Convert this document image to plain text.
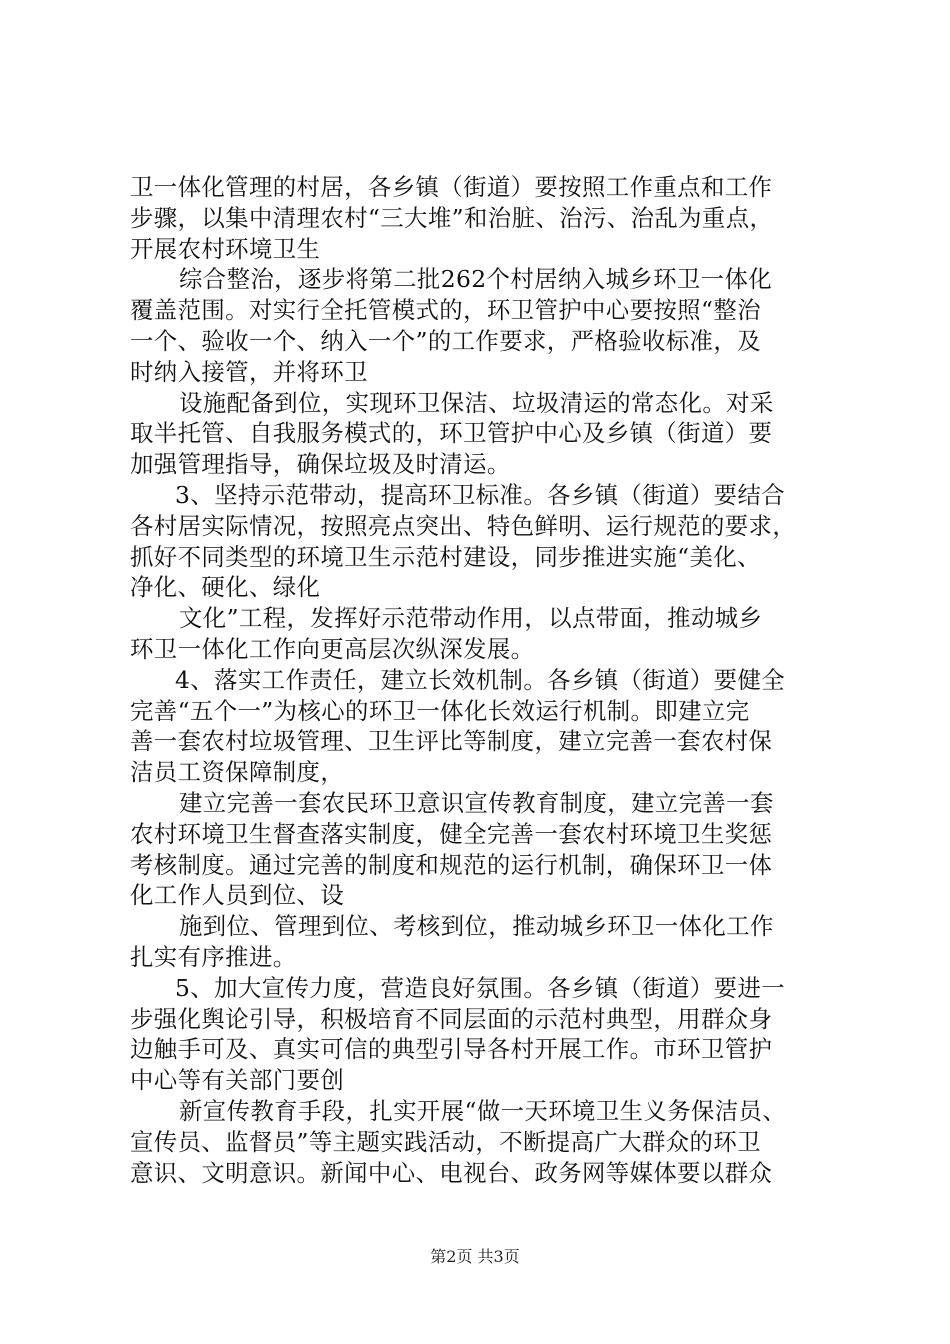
卫一体化管理的村居，各乡镇（街道）要按照工作重点和工作
步骤，以集中清理农村“三大堆”和治脏、治污、治乱为重点，
开展农村环境卫生
综合整治，逐步将第二批262个村居纳入城乡环卫一体化
覆盖范围。对实行全托管模式的，环卫管护中心要按照“整治
一个、验收一个、纳入一个”的工作要求，严格验收标准，及
时纳入接管，并将环卫
设施配备到位，实现环卫保洁、垃圾清运的常态化。对采
取半托管、自我服务模式的，环卫管护中心及乡镇（街道）要
加强管理指导，确保垃圾及时清运。
3、坚持示范带动，提高环卫标准。各乡镇（街道）要结合
各村居实际情况，按照亮点突出、特色鲜明、运行规范的要求，
抓好不同类型的环境卫生示范村建设，同步推进实施“美化、
净化、硬化、绿化
文化”工程，发挥好示范带动作用，以点带面，推动城乡
环卫一体化工作向更高层次纵深发展。
4、落实工作责任，建立长效机制。各乡镇（街道）要健全
完善“五个一”为核心的环卫一体化长效运行机制。即建立完
善一套农村垃圾管理、卫生评比等制度，建立完善一套农村保
洁员工资保障制度，
建立完善一套农民环卫意识宣传教育制度，建立完善一套
农村环境卫生督查落实制度，健全完善一套农村环境卫生奖惩
考核制度。通过完善的制度和规范的运行机制，确保环卫一体
化工作人员到位、设
施到位、管理到位、考核到位，推动城乡环卫一体化工作
扎实有序推进。
5、加大宣传力度，营造良好氛围。各乡镇（街道）要进一
步强化舆论引导，积极培育不同层面的示范村典型，用群众身
边触手可及、真实可信的典型引导各村开展工作。市环卫管护
中心等有关部门要创
新宣传教育手段，扎实开展“做一天环境卫生义务保洁员、
宣传员、监督员”等主题实践活动，不断提高广大群众的环卫
意识、文明意识。新闻中心、电视台、政务网等媒体要以群众
第2页 共3页
